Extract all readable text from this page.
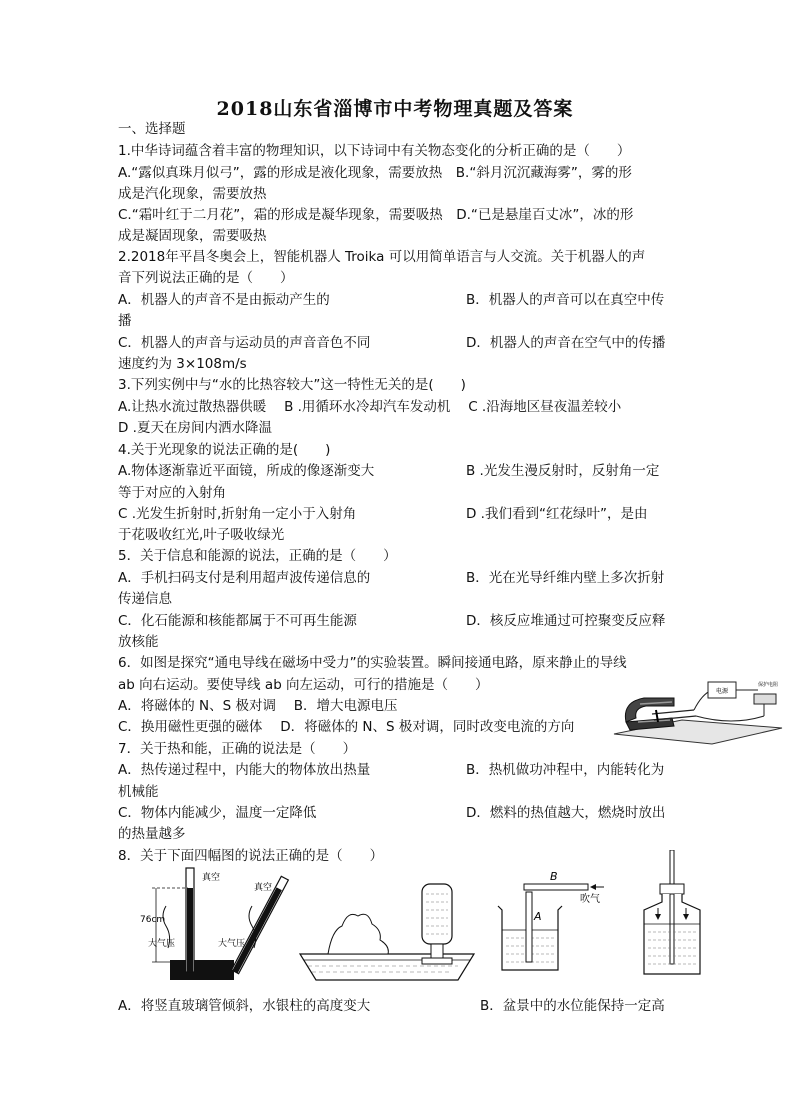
2018山东省淄博市中考物理真题及答案
一、选择题
1.中华诗词蕴含着丰富的物理知识，以下诗词中有关物态变化的分析正确的是（　　）
A.“露似真珠月似弓”，露的形成是液化现象，需要放热　B.“斜月沉沉藏海雾”，雾的形
成是汽化现象，需要放热
C.“霜叶红于二月花”，霜的形成是凝华现象，需要吸热　D.“已是悬崖百丈冰”，冰的形
成是凝固现象，需要吸热
2.2018年平昌冬奥会上，智能机器人 Troika 可以用简单语言与人交流。关于机器人的声
音下列说法正确的是（　　）
A．机器人的声音不是由振动产生的	B．机器人的声音可以在真空中传
播
C．机器人的声音与运动员的声音音色不同	D．机器人的声音在空气中的传播
速度约为 3×108m/s
3.下列实例中与“水的比热容较大”这一特性无关的是(　　)
A.让热水流过散热器供暖　 B .用循环水冷却汽车发动机　 C .沿海地区昼夜温差较小
D .夏天在房间内洒水降温
4.关于光现象的说法正确的是(　　)
A.物体逐渐靠近平面镜，所成的像逐渐变大	B .光发生漫反射时，反射角一定
等于对应的入射角
C .光发生折射时,折射角一定小于入射角	D .我们看到“红花绿叶”，是由
于花吸收红光,叶子吸收绿光
5．关于信息和能源的说法，正确的是（　　）
A．手机扫码支付是利用超声波传递信息的	B．光在光导纤维内壁上多次折射
传递信息
C．化石能源和核能都属于不可再生能源	D．核反应堆通过可控聚变反应释
放核能
6．如图是探究“通电导线在磁场中受力”的实验装置。瞬间接通电路，原来静止的导线
ab 向右运动。要使导线 ab 向左运动，可行的措施是（　　）
A．将磁体的 N、S 极对调　 B．增大电源电压
C．换用磁性更强的磁体　 D．将磁体的 N、S 极对调，同时改变电流的方向
电源
保护电阻
7．关于热和能，正确的说法是（　　）
A．热传递过程中，内能大的物体放出热量	B．热机做功冲程中，内能转化为
机械能
C．物体内能减少，温度一定降低	D．燃料的热值越大，燃烧时放出
的热量越多
8．关于下面四幅图的说法正确的是（　　）
76cm
真空
真空
大气压	大气压
B
吹气
A
A．将竖直玻璃管倾斜，水银柱的高度变大	B．盆景中的水位能保持一定高
